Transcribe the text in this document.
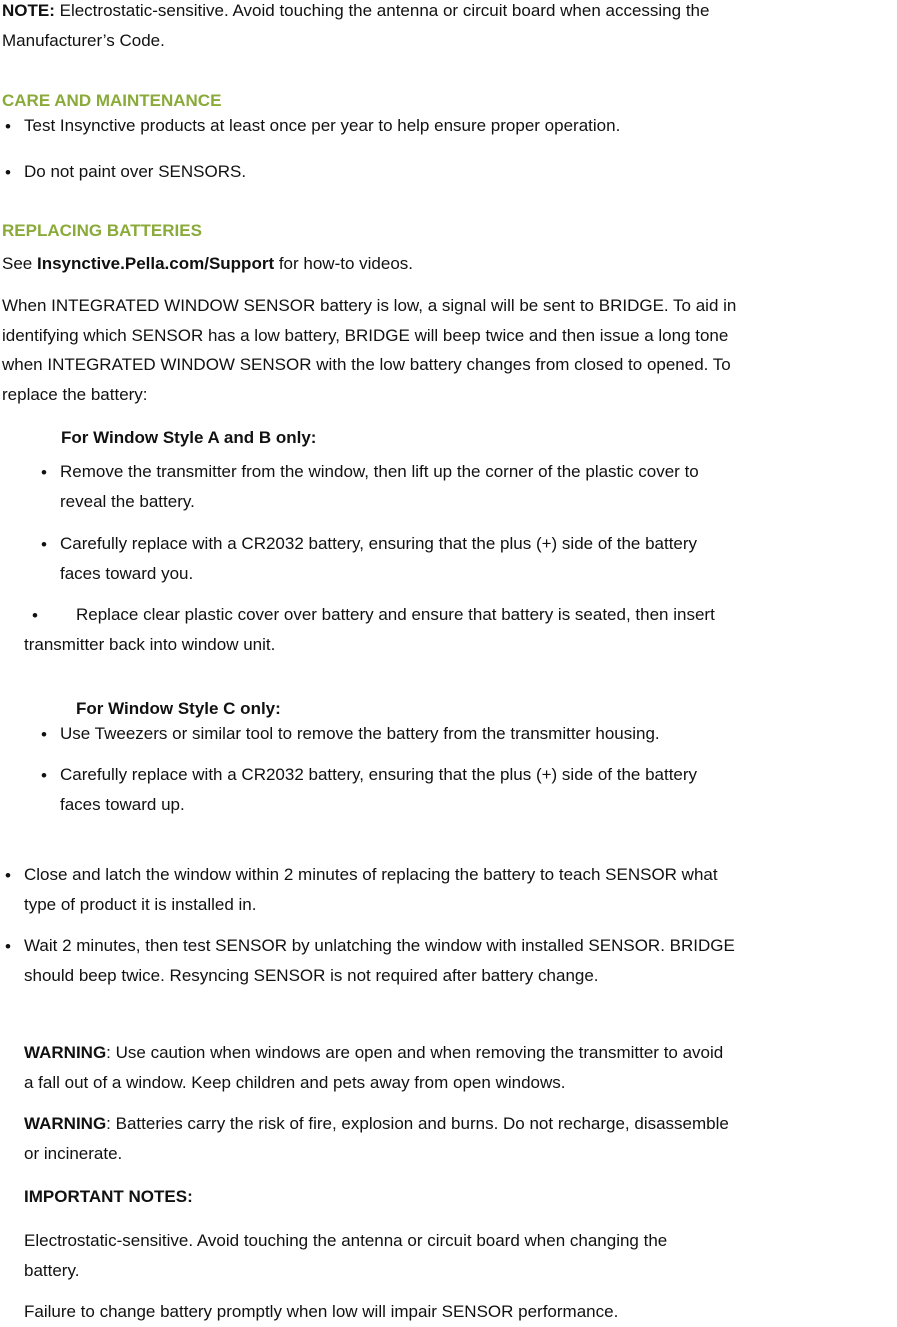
NOTE: Electrostatic-sensitive. Avoid touching the antenna or circuit board when accessing the
Manufacturer’s Code.
CARE AND MAINTENANCE
• Test Insynctive products at least once per year to help ensure proper operation.
• Do not paint over SENSORS.
REPLACING BATTERIES
See Insynctive.Pella.com/Support for how-to videos.
When INTEGRATED WINDOW SENSOR battery is low, a signal will be sent to BRIDGE. To aid in
identifying which SENSOR has a low battery, BRIDGE will beep twice and then issue a long tone
when INTEGRATED WINDOW SENSOR with the low battery changes from closed to opened. To
replace the battery:
For Window Style A and B only:
• Remove the transmitter from the window, then lift up the corner of the plastic cover to
reveal the battery.
• Carefully replace with a CR2032 battery, ensuring that the plus (+) side of the battery
faces toward you.
• Replace clear plastic cover over battery and ensure that battery is seated, then insert
transmitter back into window unit.
For Window Style C only:
• Use Tweezers or similar tool to remove the battery from the transmitter housing.
• Carefully replace with a CR2032 battery, ensuring that the plus (+) side of the battery
faces toward up.
• Close and latch the window within 2 minutes of replacing the battery to teach SENSOR what
type of product it is installed in.
• Wait 2 minutes, then test SENSOR by unlatching the window with installed SENSOR. BRIDGE
should beep twice. Resyncing SENSOR is not required after battery change.
WARNING: Use caution when windows are open and when removing the transmitter to avoid
a fall out of a window. Keep children and pets away from open windows.
WARNING: Batteries carry the risk of fire, explosion and burns. Do not recharge, disassemble
or incinerate.
IMPORTANT NOTES:
Electrostatic-sensitive. Avoid touching the antenna or circuit board when changing the
battery.
Failure to change battery promptly when low will impair SENSOR performance.
